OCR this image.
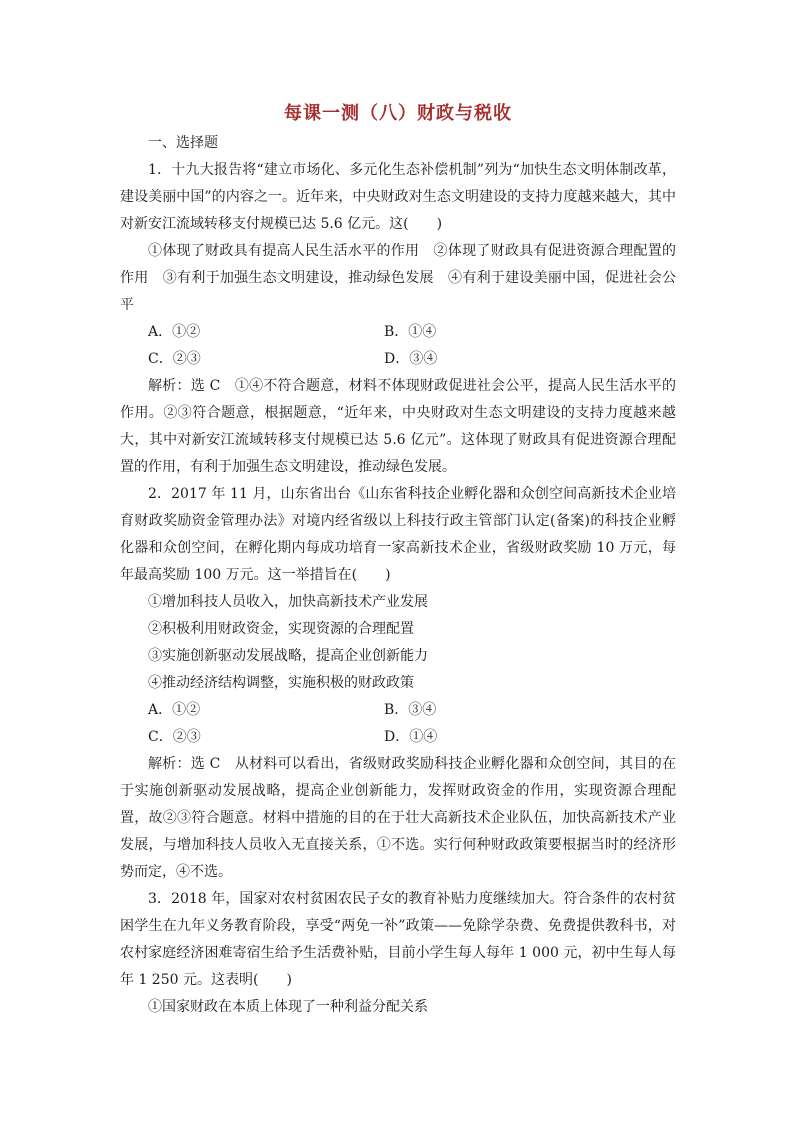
每课一测（八）财政与税收

一、选择题

1．十九大报告将“建立市场化、多元化生态补偿机制”列为“加快生态文明体制改革，建设美丽中国”的内容之一。近年来，中央财政对生态文明建设的支持力度越来越大，其中对新安江流域转移支付规模已达 5.6 亿元。这(　　)

①体现了财政具有提高人民生活水平的作用　②体现了财政具有促进资源合理配置的作用　③有利于加强生态文明建设，推动绿色发展　④有利于建设美丽中国，促进社会公平

A．①②	B．①④
C．②③	D．③④

解析：选 C　①④不符合题意，材料不体现财政促进社会公平，提高人民生活水平的作用。②③符合题意，根据题意，“近年来，中央财政对生态文明建设的支持力度越来越大，其中对新安江流域转移支付规模已达 5.6 亿元”。这体现了财政具有促进资源合理配置的作用，有利于加强生态文明建设，推动绿色发展。

2．2017 年 11 月，山东省出台《山东省科技企业孵化器和众创空间高新技术企业培育财政奖励资金管理办法》对境内经省级以上科技行政主管部门认定(备案)的科技企业孵化器和众创空间，在孵化期内每成功培育一家高新技术企业，省级财政奖励 10 万元，每年最高奖励 100 万元。这一举措旨在(　　)

①增加科技人员收入，加快高新技术产业发展

②积极利用财政资金，实现资源的合理配置

③实施创新驱动发展战略，提高企业创新能力

④推动经济结构调整，实施积极的财政政策

A．①②	B．③④
C．②③	D．①④

解析：选 C　从材料可以看出，省级财政奖励科技企业孵化器和众创空间，其目的在于实施创新驱动发展战略，提高企业创新能力，发挥财政资金的作用，实现资源合理配置，故②③符合题意。材料中措施的目的在于壮大高新技术企业队伍，加快高新技术产业发展，与增加科技人员收入无直接关系，①不选。实行何种财政政策要根据当时的经济形势而定，④不选。

3．2018 年，国家对农村贫困农民子女的教育补贴力度继续加大。符合条件的农村贫困学生在九年义务教育阶段，享受“两免一补”政策——免除学杂费、免费提供教科书，对农村家庭经济困难寄宿生给予生活费补贴，目前小学生每人每年 1 000 元，初中生每人每年 1 250 元。这表明(　　)

①国家财政在本质上体现了一种利益分配关系
